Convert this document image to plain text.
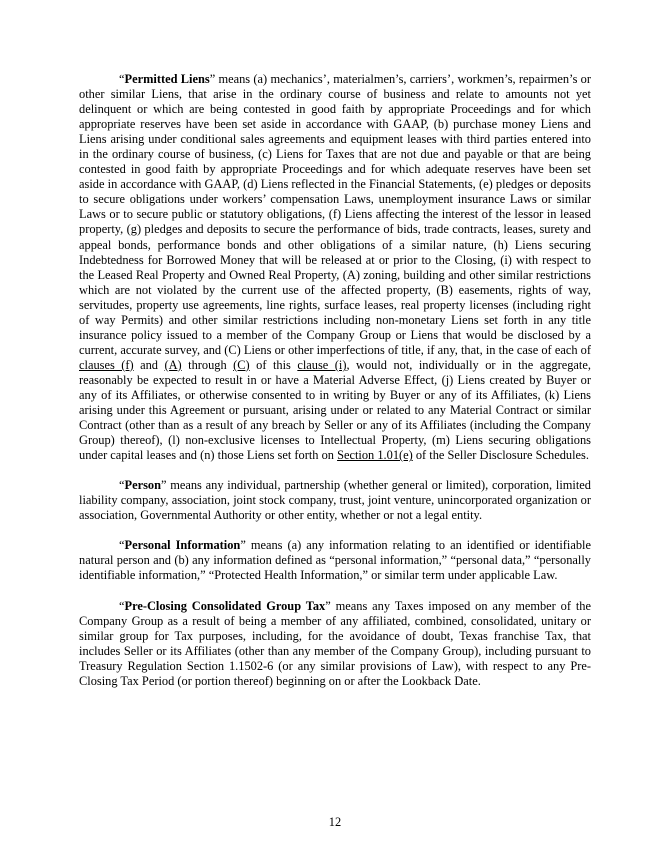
“Permitted Liens” means (a) mechanics’, materialmen’s, carriers’, workmen’s, repairmen’s or other similar Liens, that arise in the ordinary course of business and relate to amounts not yet delinquent or which are being contested in good faith by appropriate Proceedings and for which appropriate reserves have been set aside in accordance with GAAP, (b) purchase money Liens and Liens arising under conditional sales agreements and equipment leases with third parties entered into in the ordinary course of business, (c) Liens for Taxes that are not due and payable or that are being contested in good faith by appropriate Proceedings and for which adequate reserves have been set aside in accordance with GAAP, (d) Liens reflected in the Financial Statements, (e) pledges or deposits to secure obligations under workers’ compensation Laws, unemployment insurance Laws or similar Laws or to secure public or statutory obligations, (f) Liens affecting the interest of the lessor in leased property, (g) pledges and deposits to secure the performance of bids, trade contracts, leases, surety and appeal bonds, performance bonds and other obligations of a similar nature, (h) Liens securing Indebtedness for Borrowed Money that will be released at or prior to the Closing, (i) with respect to the Leased Real Property and Owned Real Property, (A) zoning, building and other similar restrictions which are not violated by the current use of the affected property, (B) easements, rights of way, servitudes, property use agreements, line rights, surface leases, real property licenses (including right of way Permits) and other similar restrictions including non-monetary Liens set forth in any title insurance policy issued to a member of the Company Group or Liens that would be disclosed by a current, accurate survey, and (C) Liens or other imperfections of title, if any, that, in the case of each of clauses (f) and (A) through (C) of this clause (i), would not, individually or in the aggregate, reasonably be expected to result in or have a Material Adverse Effect, (j) Liens created by Buyer or any of its Affiliates, or otherwise consented to in writing by Buyer or any of its Affiliates, (k) Liens arising under this Agreement or pursuant, arising under or related to any Material Contract or similar Contract (other than as a result of any breach by Seller or any of its Affiliates (including the Company Group) thereof), (l) non-exclusive licenses to Intellectual Property, (m) Liens securing obligations under capital leases and (n) those Liens set forth on Section 1.01(e) of the Seller Disclosure Schedules.

“Person” means any individual, partnership (whether general or limited), corporation, limited liability company, association, joint stock company, trust, joint venture, unincorporated organization or association, Governmental Authority or other entity, whether or not a legal entity.

“Personal Information” means (a) any information relating to an identified or identifiable natural person and (b) any information defined as “personal information,” “personal data,” “personally identifiable information,” “Protected Health Information,” or similar term under applicable Law.

“Pre-Closing Consolidated Group Tax” means any Taxes imposed on any member of the Company Group as a result of being a member of any affiliated, combined, consolidated, unitary or similar group for Tax purposes, including, for the avoidance of doubt, Texas franchise Tax, that includes Seller or its Affiliates (other than any member of the Company Group), including pursuant to Treasury Regulation Section 1.1502-6 (or any similar provisions of Law), with respect to any Pre-Closing Tax Period (or portion thereof) beginning on or after the Lookback Date.

12
